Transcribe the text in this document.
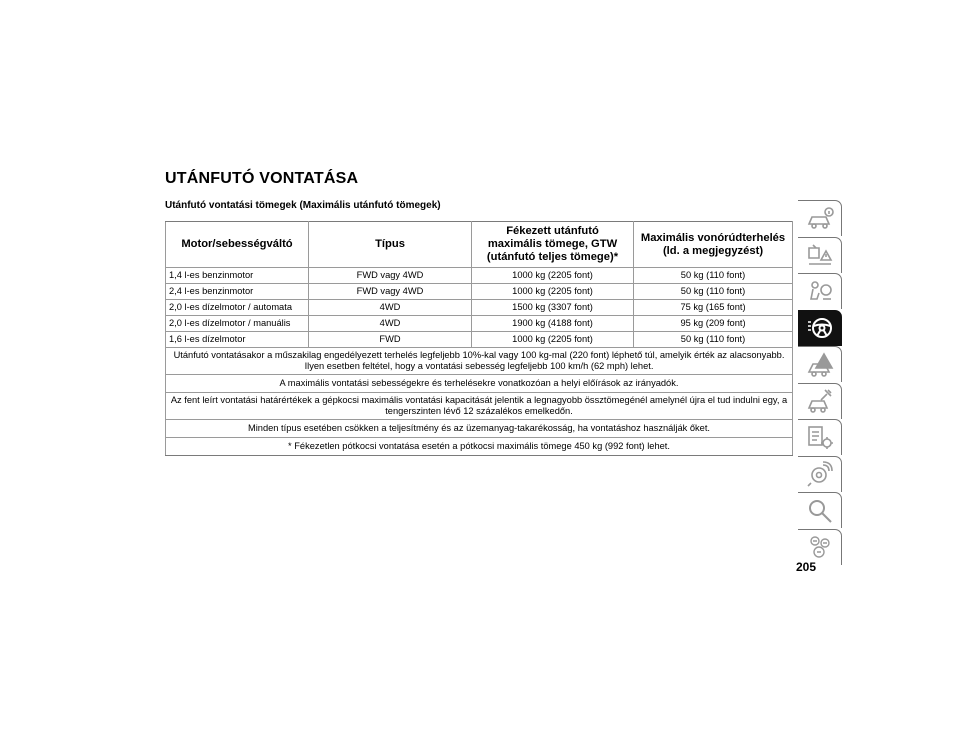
UTÁNFUTÓ VONTATÁSA
Utánfutó vontatási tömegek (Maximális utánfutó tömegek)
Motor/sebességváltó	Típus	Fékezett utánfutó maximális tömege, GTW (utánfutó teljes tömege)*	Maximális vonórúdterhelés (ld. a megjegyzést)
1,4 l-es benzinmotor	FWD vagy 4WD	1000 kg (2205 font)	50 kg (110 font)
2,4 l-es benzinmotor	FWD vagy 4WD	1000 kg (2205 font)	50 kg (110 font)
2,0 l-es dízelmotor / automata	4WD	1500 kg (3307 font)	75 kg (165 font)
2,0 l-es dízelmotor / manuális	4WD	1900 kg (4188 font)	95 kg (209 font)
1,6 l-es dízelmotor	FWD	1000 kg (2205 font)	50 kg (110 font)
Utánfutó vontatásakor a műszakilag engedélyezett terhelés legfeljebb 10%-kal vagy 100 kg-mal (220 font) léphető túl, amelyik érték az alacsonyabb. Ilyen esetben feltétel, hogy a vontatási sebesség legfeljebb 100 km/h (62 mph) lehet.			
A maximális vontatási sebességekre és terhelésekre vonatkozóan a helyi előírások az irányadók.			
Az fent leírt vontatási határértékek a gépkocsi maximális vontatási kapacitását jelentik a legnagyobb össztömegénél amelynél újra el tud indulni egy, a tengerszinten lévő 12 százalékos emelkedőn.			
Minden típus esetében csökken a teljesítmény és az üzemanyag-takarékosság, ha vontatáshoz használják őket.			
* Fékezetlen pótkocsi vontatása esetén a pótkocsi maximális tömege 450 kg (992 font) lehet.			
205
